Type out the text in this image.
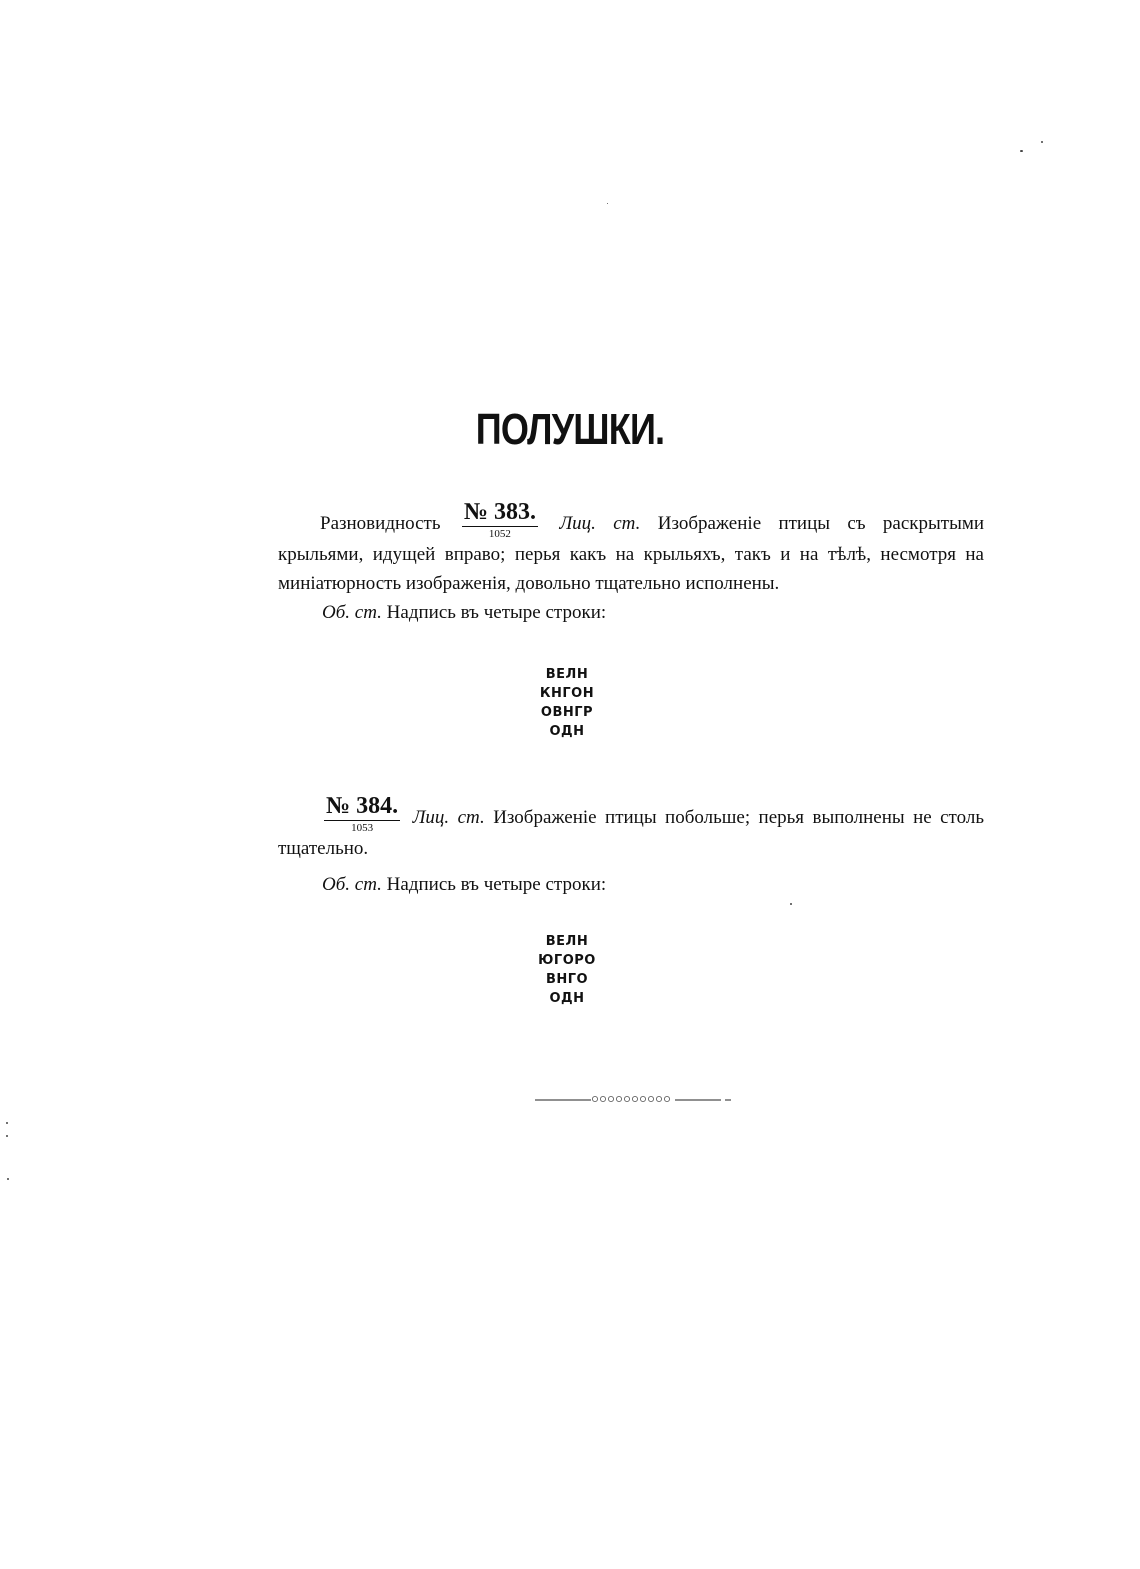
ПОЛУШКИ.
Разновидность $\frac{№ 383.}{1052}$ Лиц. ст. Изображеніе птицы съ раскрытыми крыльями, идущей вправо; перья какъ на крыльяхъ, такъ и на тѣлѣ, несмотря на миніатюрность изображенія, довольно тщательно исполнены.
Об. ст. Надпись въ четыре строки:
ВЕЛН
КНГОН
ОВНГР
ОДН
$\frac{№ 384.}{1053}$ Лиц. ст. Изображеніе птицы побольше; перья выполнены не столь тщательно.
Об. ст. Надпись въ четыре строки:
ВЕЛН
ЮГОРО
ВНГО
ОДН
